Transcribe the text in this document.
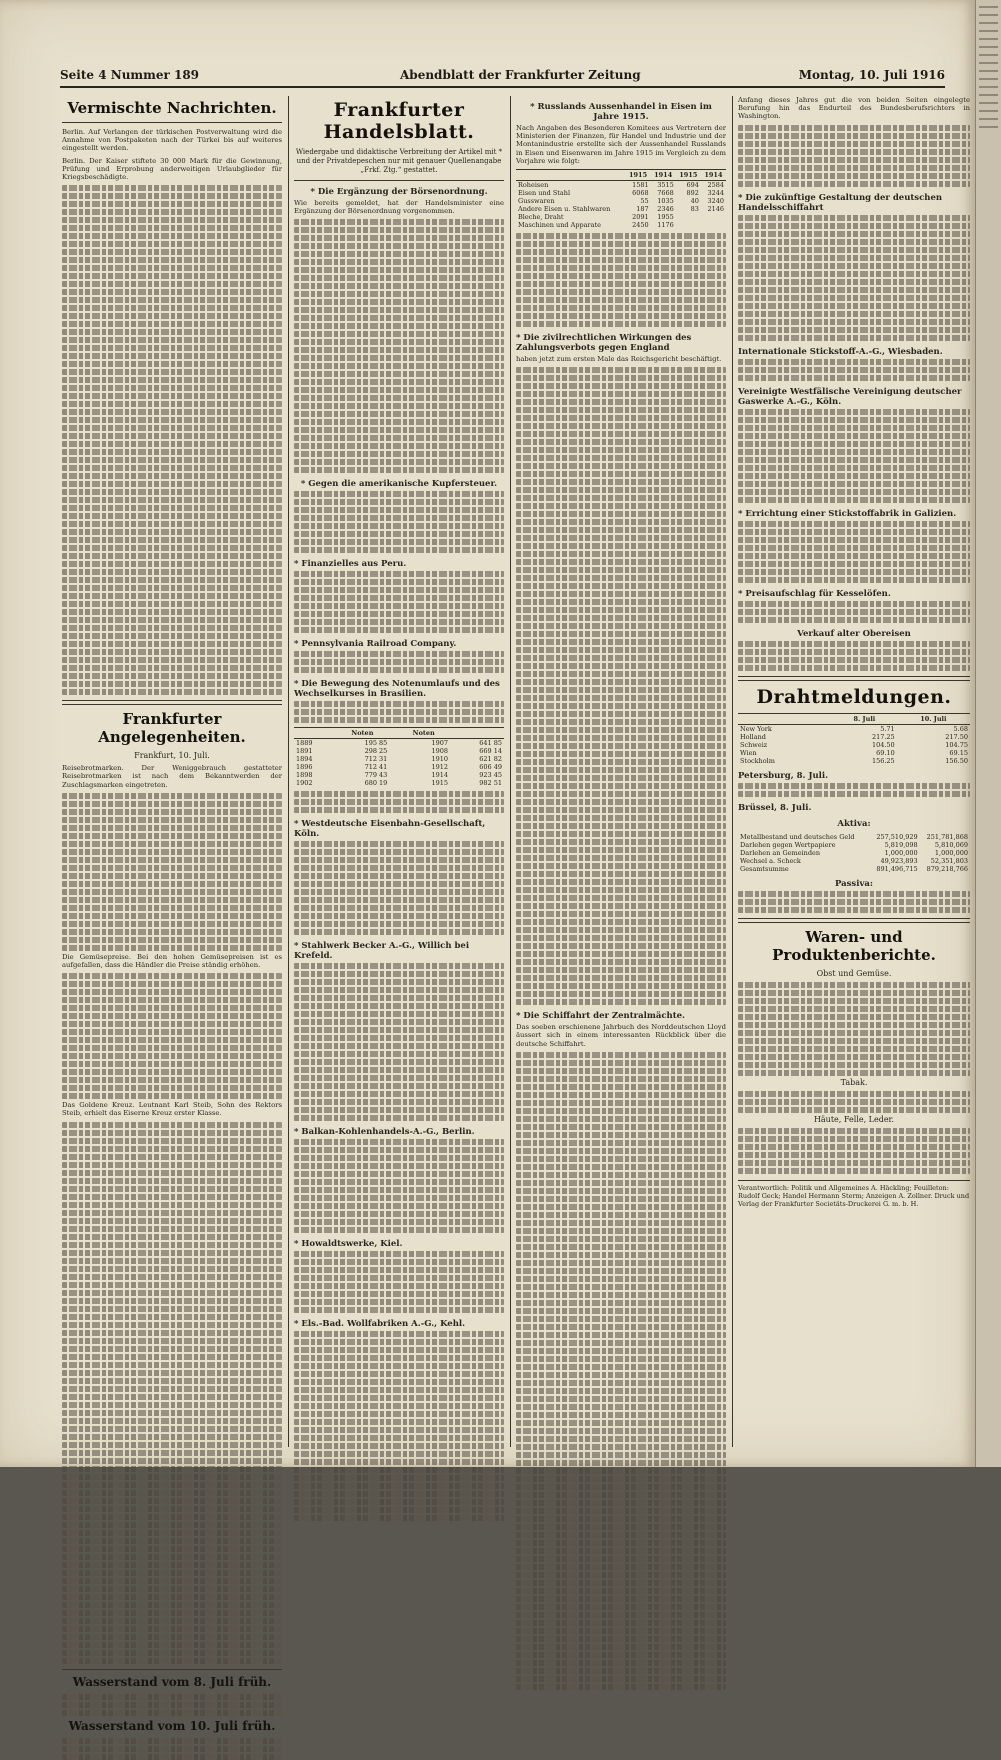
Seite 4 Nummer 189	Abendblatt der Frankfurter Zeitung	Montag, 10. Juli 1916
Vermischte Nachrichten.

Berlin. Auf Verlangen der türkischen Postverwaltung wird die Annahme von Postpaketen nach der Türkei bis auf weiteres eingestellt werden.

Berlin. Der Kaiser stiftete 30 000 Mark für die Gewinnung, Prüfung und Erprobung anderweitigen Urlaubglieder für Kriegsbeschädigte.

Frankfurter Angelegenheiten.
Frankfurt, 10. Juli.

Reisebrotmarken. Der Weniggebrauch gestatteter Reisebrotmarken ist nach dem Bekanntwerden der Zuschlagsmarken eingetreten.

Die Gemüsepreise. Bei den hohen Gemüsepreisen ist es aufgefallen, dass die Händler die Preise ständig erhöhen.

Das Goldene Kreuz. Leutnant Karl Steib, Sohn des Rektors Steib, erhielt das Eiserne Kreuz erster Klasse.

Wasserstand vom 8. Juli früh.
Wasserstand vom 10. Juli früh.
Frankfurter Handelsblatt.
Wiedergabe und didaktische Verbreitung der Artikel mit * und der Privatdepeschen nur mit genauer Quellenangabe „Frkf. Ztg.“ gestattet.
* Die Ergänzung der Börsenordnung.

Wie bereits gemeldet, hat der Handelsminister eine Ergänzung der Börsenordnung vorgenommen.

* Gegen die amerikanische Kupfersteuer.
* Finanzielles aus Peru.
* Pennsylvania Railroad Company.
* Die Bewegung des Notenumlaufs und des Wechselkurses in Brasilien.
	Noten		Noten	
1889	195 85		1907	641 85
1891	298 25		1908	669 14
1894	712 31		1910	621 82
1896	712 41		1912	606 49
1898	779 43		1914	923 45
1902	680 19		1915	982 51
* Westdeutsche Eisenbahn-Gesellschaft, Köln.
* Stahlwerk Becker A.-G., Willich bei Krefeld.
* Balkan-Kohlenhandels-A.-G., Berlin.
* Howaldtswerke, Kiel.
* Els.-Bad. Wollfabriken A.-G., Kehl.
* Russlands Aussenhandel in Eisen im Jahre 1915.

Nach Angaben des Besonderen Komitees aus Vertretern der Ministerien der Finanzen, für Handel und Industrie und der Montanindustrie erstellte sich der Aussenhandel Russlands in Eisen und Eisenwaren im Jahre 1915 im Vergleich zu dem Vorjahre wie folgt:

	1915	1914	1915	1914
Roheisen	1581	3515	694	2584
Eisen und Stahl	6068	7668	892	3244
Gusswaren	55	1035	40	3240
Andere Eisen u. Stahlwaren	187	2346	83	2146
Bleche, Draht	2091	1955		
Maschinen und Apparate	2450	1176		
* Die zivilrechtlichen Wirkungen des Zahlungsverbots gegen England

haben jetzt zum ersten Male das Reichsgericht beschäftigt.

* Die Schiffahrt der Zentralmächte.

Das soeben erschienene Jahrbuch des Norddeutschen Lloyd äussert sich in einem interessanten Rückblick über die deutsche Schiffahrt.

Anfang dieses Jahres gut die von beiden Seiten eingelegte Berufung hin das Endurteil des Bundesberufsrichters in Washington.

* Die zukünftige Gestaltung der deutschen Handelsschiffahrt
Internationale Stickstoff-A.-G., Wiesbaden.
Vereinigte Westfälische Vereinigung deutscher Gaswerke A.-G., Köln.
* Errichtung einer Stickstoffabrik in Galizien.
* Preisaufschlag für Kesselöfen.
Verkauf alter Obereisen
Drahtmeldungen.
	8. Juli	10. Juli
New York	5.71	5.68
Holland	217.25	217.50
Schweiz	104.50	104.75
Wien	69.10	69.15
Stockholm	156.25	156.50
Petersburg, 8. Juli.
Brüssel, 8. Juli.
Aktiva:
Metallbestand und deutsches Geld	257,510,929	251,781,868
Darlehen gegen Wertpapiere	5,819,098	5,810,069
Darlehen an Gemeinden	1,000,000	1,000,000
Wechsel a. Scheck	49,923,893	52,351,803
Gesamtsumme	891,496,715	879,218,766
Passiva:
Waren- und Produktenberichte.
Obst und Gemüse.
Tabak.
Häute, Felle, Leder.
Verantwortlich: Politik und Allgemeines A. Häckling; Feuilleton: Rudolf Geck; Handel Hermann Sterm; Anzeigen A. Zollner. Druck und Verlag der Frankfurter Societäts-Druckerei G. m. b. H.
